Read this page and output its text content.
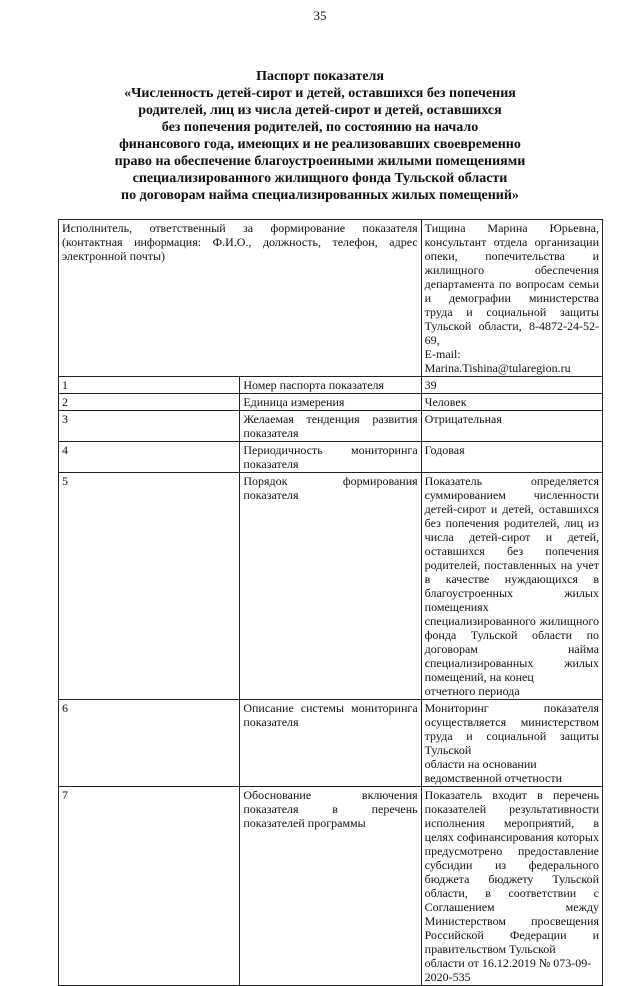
35
Паспорт показателя
«Численность детей-сирот и детей, оставшихся без попечения
родителей, лиц из числа детей-сирот и детей, оставшихся
без попечения родителей, по состоянию на начало
финансового года, имеющих и не реализовавших своевременно
право на обеспечение благоустроенными жилыми помещениями
специализированного жилищного фонда Тульской области
по договорам найма специализированных жилых помещений»
Исполнитель, ответственный за формирование показателя (контактная информация: Ф.И.О., должность, телефон, адрес электронной почты)		Тищина Марина Юрьевна, консультант отдела организации опеки, попечительства и жилищного обеспечения департамента по вопросам семьи и демографии министерства труда и социальной защиты Тульской области, 8-4872-24-52-69,
E-mail: Marina.Tishina@tularegion.ru

1	Номер паспорта показателя	39
2	Единица измерения	Человек
3	Желаемая тенденция развития показателя	Отрицательная
4	Периодичность мониторинга показателя	Годовая
5	Порядок формирования показателя	Показатель определяется суммированием численности детей-сирот и детей, оставшихся без попечения родителей, лиц из числа детей-сирот и детей, оставшихся без попечения родителей, поставленных на учет в качестве нуждающихся в благоустроенных жилых помещениях специализированного жилищного фонда Тульской области по договорам найма специализированных жилых помещений, на конец
отчетного периода

6	Описание системы мониторинга показателя	Мониторинг показателя осуществляется министерством труда и социальной защиты Тульской
области на основании ведомственной отчетности

7	Обоснование включения показателя в перечень показателей программы	Показатель входит в перечень показателей результативности исполнения мероприятий, в целях софинансирования которых предусмотрено предоставление субсидии из федерального бюджета бюджету Тульской области, в соответствии с Соглашением между Министерством просвещения Российской Федерации и правительством Тульской
области от 16.12.2019 № 073-09-2020-535
